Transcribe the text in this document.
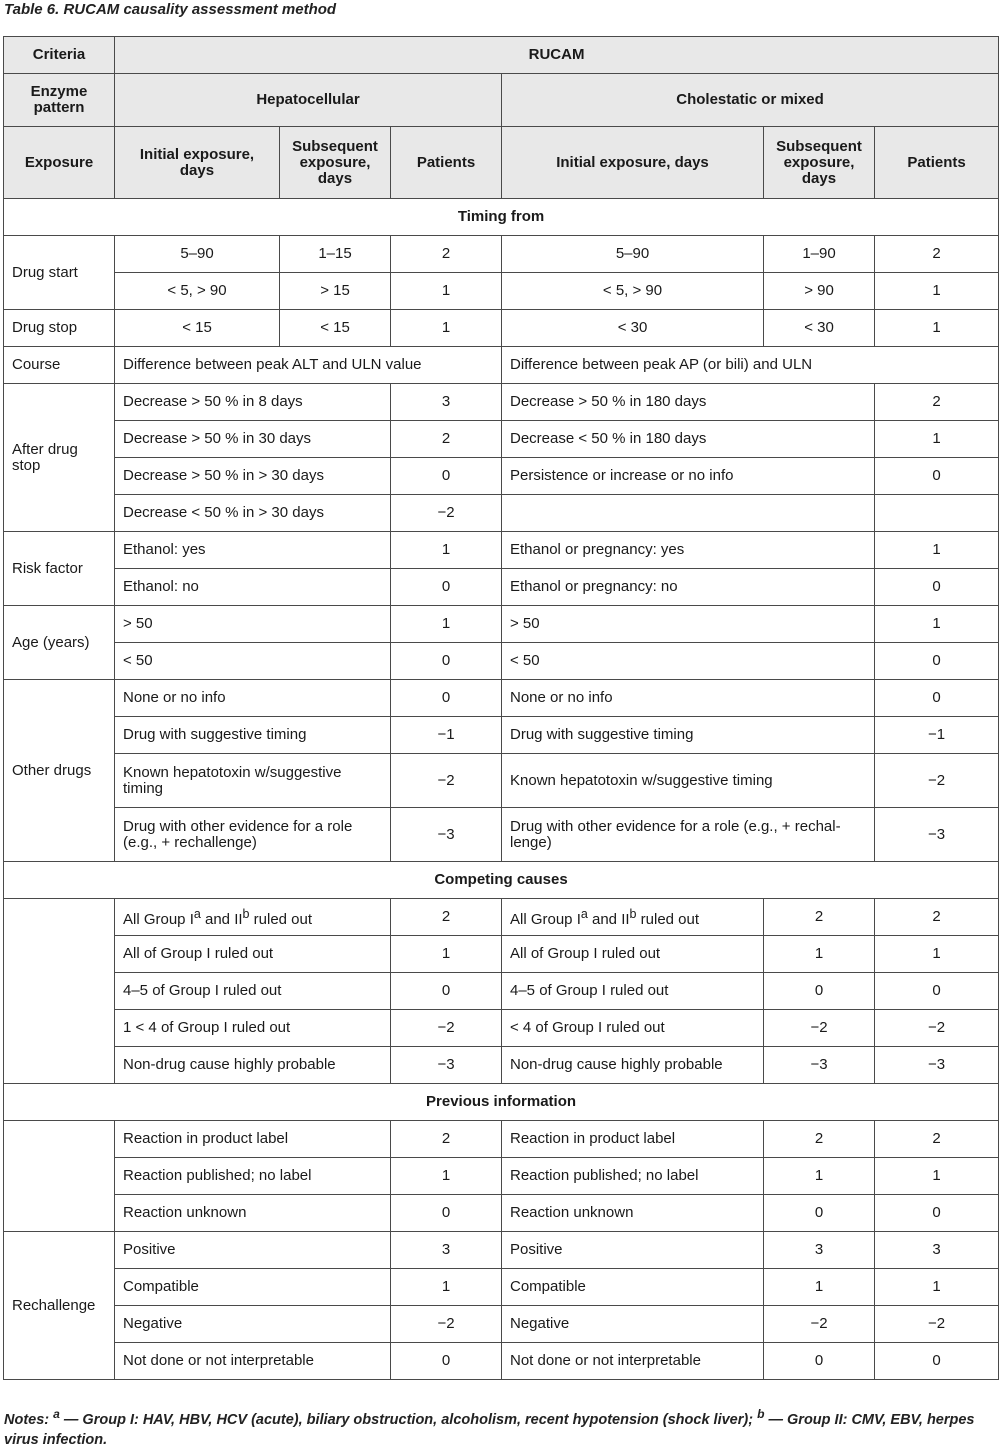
Table 6. RUCAM causality assessment method
Criteria	RUCAM					
Enzyme pattern	Hepatocellular			Cholestatic or mixed		
Exposure	Initial exposure, days	Subsequent exposure, days	Patients	Initial exposure, days	Subsequent exposure, days	Patients
Timing from						
Drug start	5–90	1–15	2	5–90	1–90	2
	< 5, > 90	> 15	1	< 5, > 90	> 90	1
Drug stop	< 15	< 15	1	< 30	< 30	1
Course	Difference between peak ALT and ULN value			Difference between peak AP (or bili) and ULN		
After drug stop	Decrease > 50 % in 8 days		3	Decrease > 50 % in 180 days		2
	Decrease > 50 % in 30 days		2	Decrease < 50 % in 180 days		1
	Decrease > 50 % in > 30 days		0	Persistence or increase or no info		0
	Decrease < 50 % in > 30 days		−2			
Risk factor	Ethanol: yes		1	Ethanol or pregnancy: yes		1
	Ethanol: no		0	Ethanol or pregnancy: no		0
Age (years)	> 50		1	> 50		1
	< 50		0	< 50		0
Other drugs	None or no info		0	None or no info		0
	Drug with suggestive timing		−1	Drug with suggestive timing		−1
	Known hepatotoxin w/suggestive timing		−2	Known hepatotoxin w/suggestive timing		−2
	Drug with other evidence for a role (e.g., + rechallenge)		−3	Drug with other evidence for a role (e.g., + rechallenge)		−3
Competing causes						
	All Group $I^a$ and $II^b$ ruled out		2	All Group $I^a$ and $II^b$ ruled out	2	2
	All of Group I ruled out		1	All of Group I ruled out	1	1
	4–5 of Group I ruled out		0	4–5 of Group I ruled out	0	0
	1 < 4 of Group I ruled out		−2	< 4 of Group I ruled out	−2	−2
	Non-drug cause highly probable		−3	Non-drug cause highly probable	−3	−3
Previous information						
	Reaction in product label		2	Reaction in product label	2	2
	Reaction published; no label		1	Reaction published; no label	1	1
	Reaction unknown		0	Reaction unknown	0	0
Rechallenge	Positive		3	Positive	3	3
	Compatible		1	Compatible	1	1
	Negative		−2	Negative	−2	−2
	Not done or not interpretable		0	Not done or not interpretable	0	0
Notes: $^a$ — Group I: HAV, HBV, HCV (acute), biliary obstruction, alcoholism, recent hypotension (shock liver); $^b$ — Group II: CMV, EBV, herpes virus infection.
